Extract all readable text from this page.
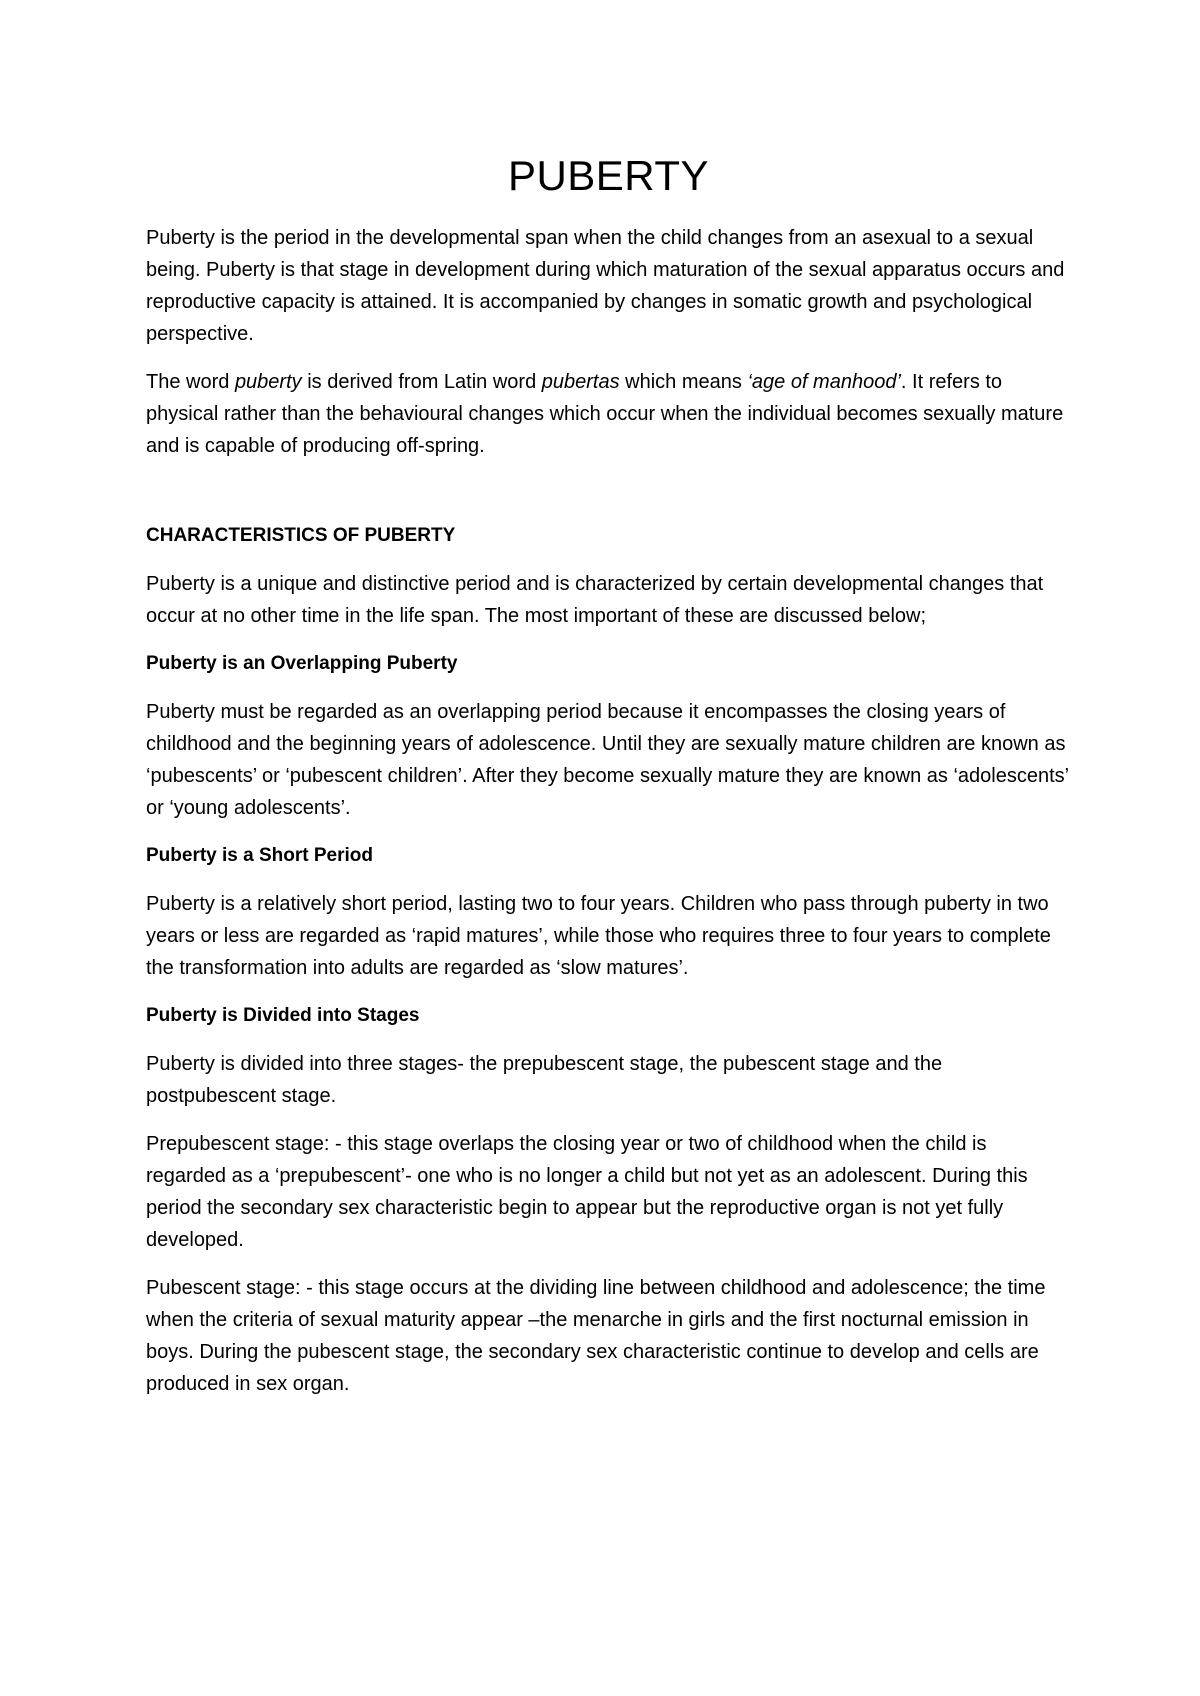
PUBERTY

Puberty is the period in the developmental span when the child changes from an asexual to a sexual being. Puberty is that stage in development during which maturation of the sexual apparatus occurs and reproductive capacity is attained. It is accompanied by changes in somatic growth and psychological perspective.

The word puberty is derived from Latin word pubertas which means ‘age of manhood’. It refers to physical rather than the behavioural changes which occur when the individual becomes sexually mature and is capable of producing off-spring.

CHARACTERISTICS OF PUBERTY

Puberty is a unique and distinctive period and is characterized by certain developmental changes that occur at no other time in the life span. The most important of these are discussed below;

Puberty is an Overlapping Puberty

Puberty must be regarded as an overlapping period because it encompasses the closing years of childhood and the beginning years of adolescence. Until they are sexually mature children are known as ‘pubescents’ or ‘pubescent children’. After they become sexually mature they are known as ‘adolescents’ or ‘young adolescents’.

Puberty is a Short Period

Puberty is a relatively short period, lasting two to four years. Children who pass through puberty in two years or less are regarded as ‘rapid matures’, while those who requires three to four years to complete the transformation into adults are regarded as ‘slow matures’.

Puberty is Divided into Stages

Puberty is divided into three stages- the prepubescent stage, the pubescent stage and the postpubescent stage.

Prepubescent stage: - this stage overlaps the closing year or two of childhood when the child is regarded as a ‘prepubescent’- one who is no longer a child but not yet as an adolescent. During this period the secondary sex characteristic begin to appear but the reproductive organ is not yet fully developed.

Pubescent stage: - this stage occurs at the dividing line between childhood and adolescence; the time when the criteria of sexual maturity appear –the menarche in girls and the first nocturnal emission in boys. During the pubescent stage, the secondary sex characteristic continue to develop and cells are produced in sex organ.
